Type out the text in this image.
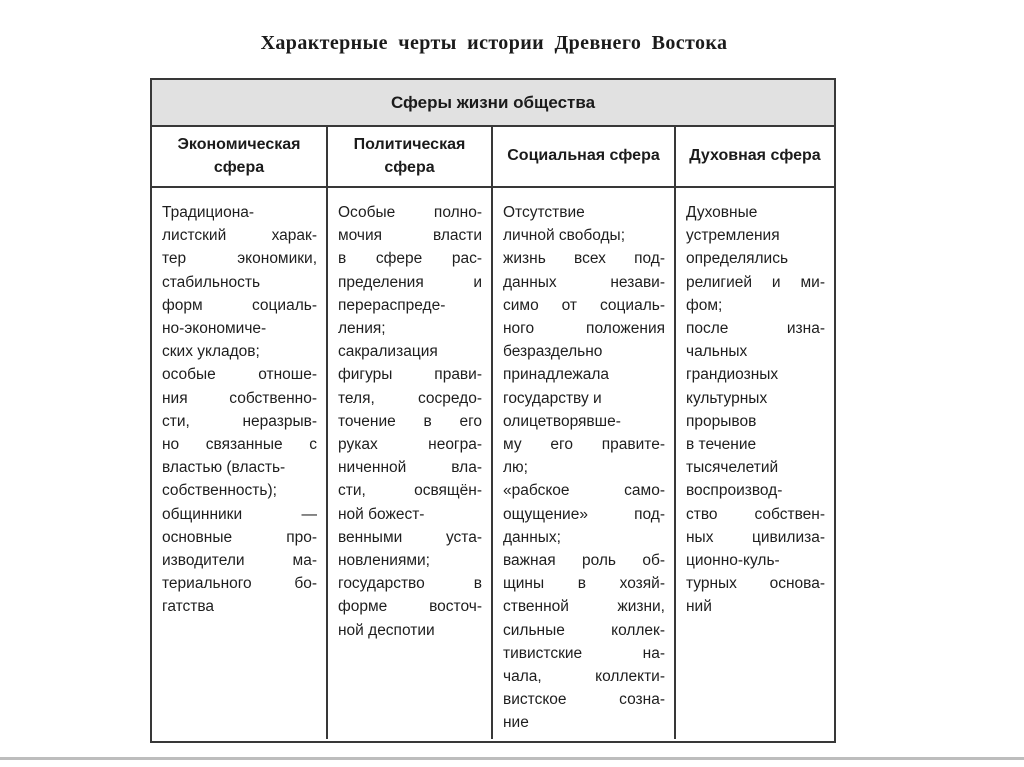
Характерные черты истории Древнего Востока
Сферы жизни общества
Экономическая сфера
Традициона-
листский харак-
тер экономики,
стабильность
форм социаль-
но-экономиче-
ских укладов;
особые отноше-
ния собственно-
сти, неразрыв-
но связанные с
властью (власть-
собственность);
общинники —
основные про-
изводители ма-
териального бо-
гатства
Политическая сфера
Особые полно-
мочия власти
в сфере рас-
пределения и
перераспреде-
ления;
сакрализация
фигуры прави-
теля, сосредо-
точение в его
руках неогра-
ниченной вла-
сти, освящён-
ной божест-
венными уста-
новлениями;
государство в
форме восточ-
ной деспотии
Социальная сфера
Отсутствие
личной свободы;
жизнь всех под-
данных незави-
симо от социаль-
ного положения
безраздельно
принадлежала
государству и
олицетворявше-
му его правите-
лю;
«рабское само-
ощущение» под-
данных;
важная роль об-
щины в хозяй-
ственной жизни,
сильные коллек-
тивистские на-
чала, коллекти-
вистское созна-
ние
Духовная сфера
Духовные
устремления
определялись
религией и ми-
фом;
после изна-
чальных
грандиозных
культурных
прорывов
в течение
тысячелетий
воспроизвод-
ство собствен-
ных цивилиза-
ционно-куль-
турных основа-
ний
